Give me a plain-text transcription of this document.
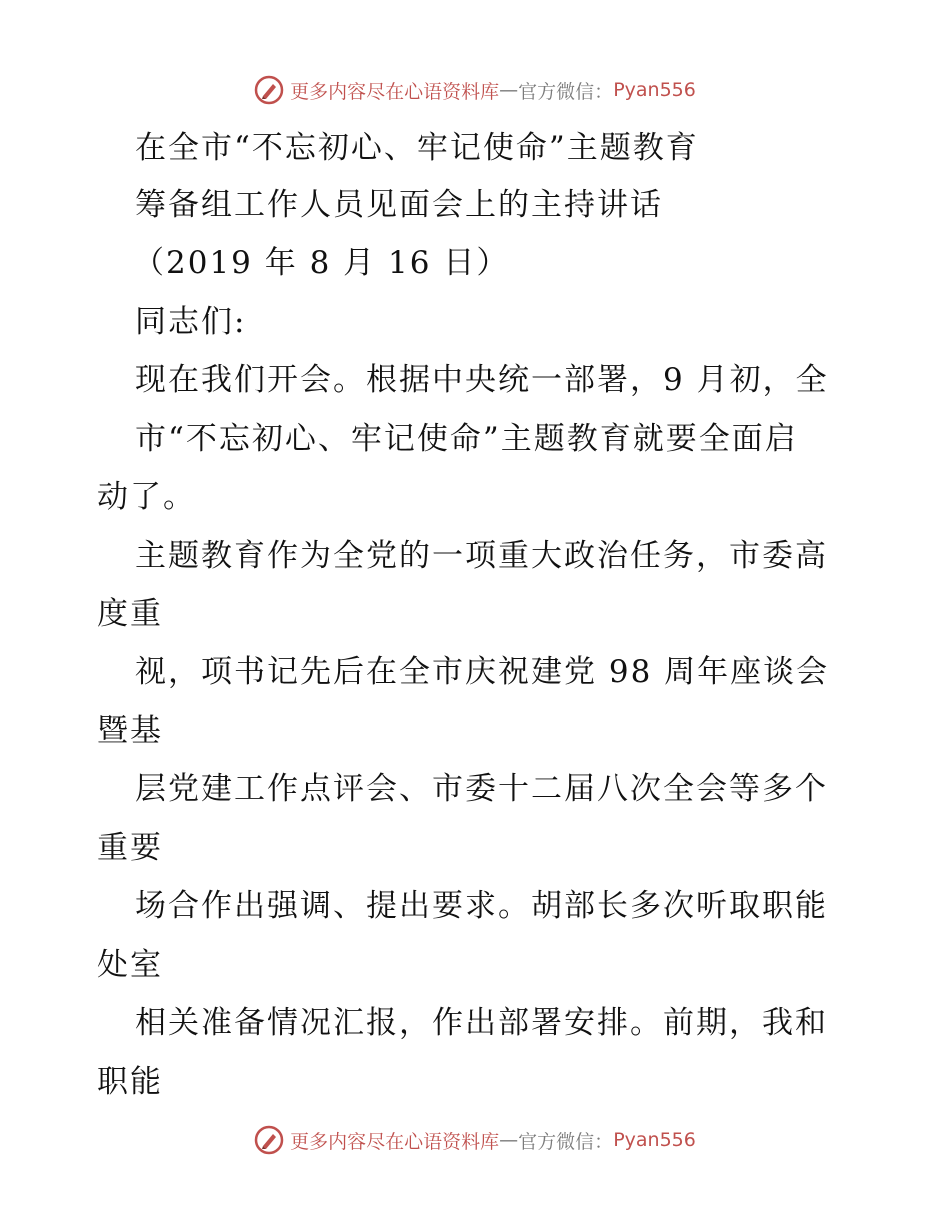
更多内容尽在心语资料库 — 官方微信： Pyan556
在全市“不忘初心、牢记使命”主题教育
筹备组工作人员见面会上的主持讲话
（2019 年 8 月 16 日）
同志们:
现在我们开会。根据中央统一部署，9 月初，全
市“不忘初心、牢记使命”主题教育就要全面启
动了。
主题教育作为全党的一项重大政治任务，市委高
度重
视，项书记先后在全市庆祝建党 98 周年座谈会
暨基
层党建工作点评会、市委十二届八次全会等多个
重要
场合作出强调、提出要求。胡部长多次听取职能
处室
相关准备情况汇报，作出部署安排。前期，我和
职能
更多内容尽在心语资料库 — 官方微信： Pyan556
